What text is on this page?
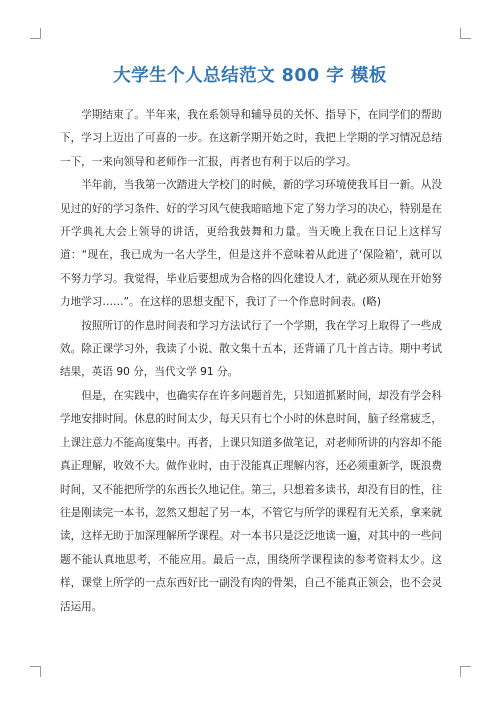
大学生个人总结范文 800 字 模板

学期结束了。半年来，我在系领导和辅导员的关怀、指导下，在同学们的帮助下，学习上迈出了可喜的一步。在这新学期开始之时，我把上学期的学习情况总结一下，一来向领导和老师作一汇报，再者也有利于以后的学习。

半年前，当我第一次踏进大学校门的时候，新的学习环境使我耳目一新。从没见过的好的学习条件、好的学习风气使我暗暗地下定了努力学习的决心，特别是在开学典礼大会上领导的讲话，更给我鼓舞和力量。当天晚上我在日记上这样写道：“现在，我已成为一名大学生，但是这并不意味着从此进了‘保险箱’，就可以不努力学习。我觉得，毕业后要想成为合格的四化建设人才，就必须从现在开始努力地学习……”。在这样的思想支配下，我订了一个作息时间表。(略)

按照所订的作息时间表和学习方法试行了一个学期，我在学习上取得了一些成效。除正课学习外，我读了小说、散文集十五本，还背诵了几十首古诗。期中考试结果，英语 90 分，当代文学 91 分。

但是，在实践中，也确实存在许多问题首先，只知道抓紧时间，却没有学会科学地安排时间。休息的时间太少，每天只有七个小时的休息时间，脑子经常疲乏，上课注意力不能高度集中。再者，上课只知道多做笔记，对老师所讲的内容却不能真正理解，收效不大。做作业时，由于没能真正理解内容，还必须重新学，既浪费时间，又不能把所学的东西长久地记住。第三，只想着多读书，却没有目的性，往往是刚读完一本书，忽然又想起了另一本，不管它与所学的课程有无关系，拿来就读，这样无助于加深理解所学课程。对一本书只是泛泛地读一遍，对其中的一些问题不能认真地思考，不能应用。最后一点，围绕所学课程读的参考资料太少。这样，课堂上所学的一点东西好比一副没有肉的骨架，自己不能真正领会，也不会灵活运用。
